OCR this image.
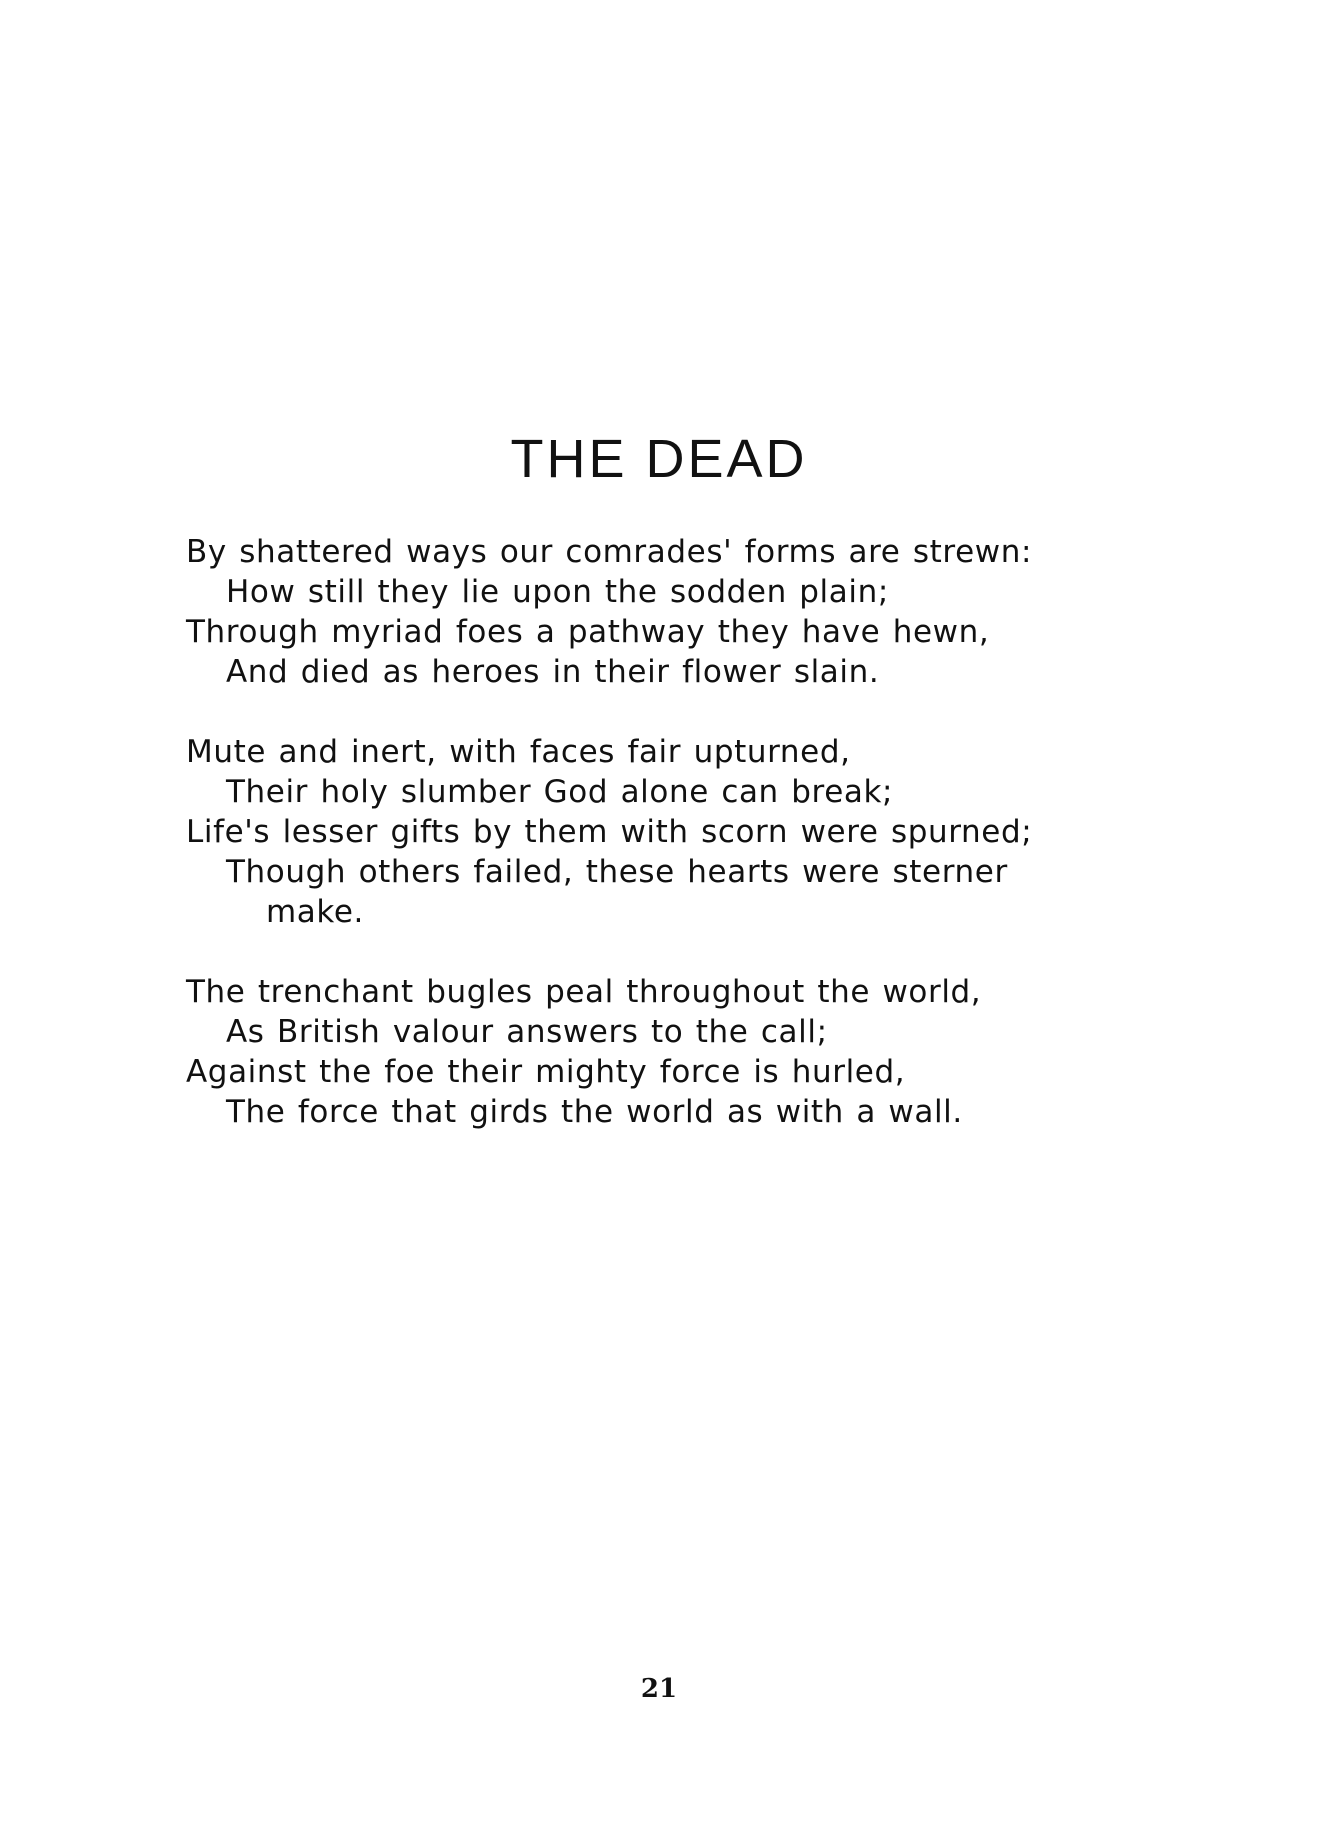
THE DEAD
By shattered ways our comrades' forms are strewn:
How still they lie upon the sodden plain;
Through myriad foes a pathway they have hewn,
And died as heroes in their flower slain.
Mute and inert, with faces fair upturned,
Their holy slumber God alone can break;
Life's lesser gifts by them with scorn were spurned;
Though others failed, these hearts were sterner
make.
The trenchant bugles peal throughout the world,
As British valour answers to the call;
Against the foe their mighty force is hurled,
The force that girds the world as with a wall.
21
